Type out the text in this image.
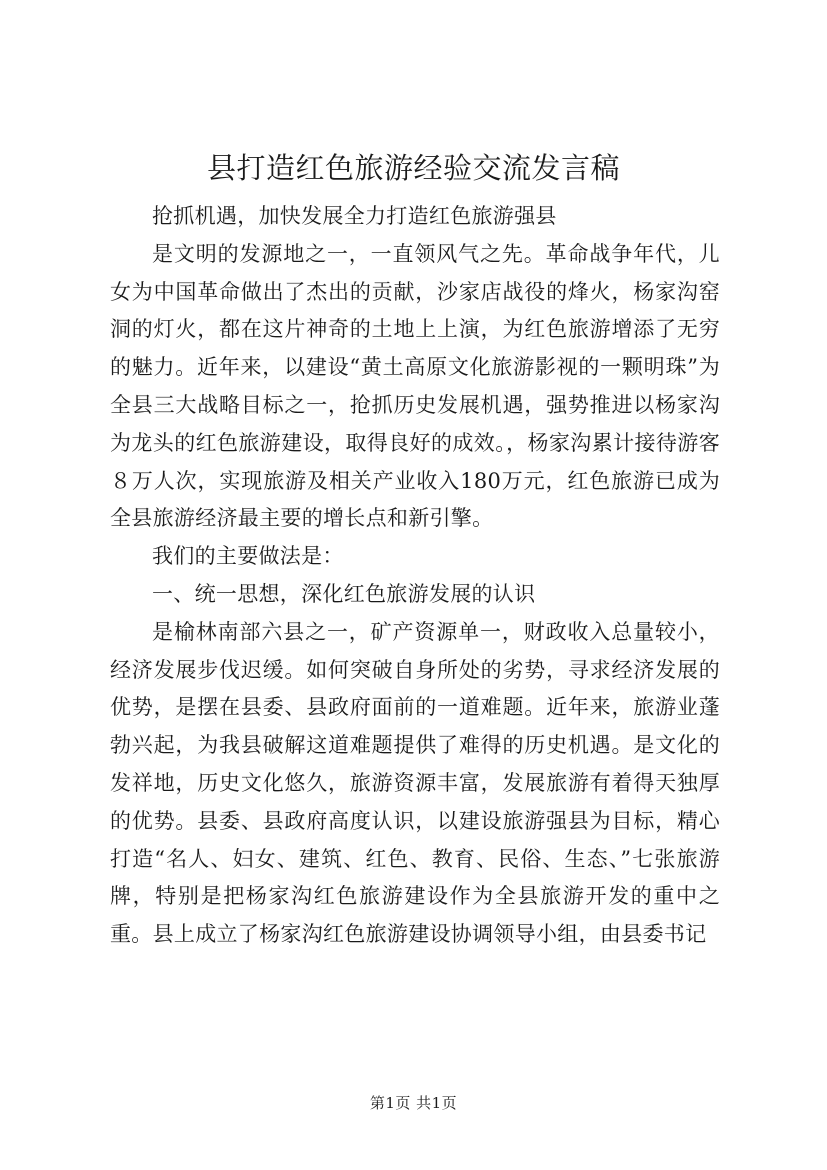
县打造红色旅游经验交流发言稿

抢抓机遇，加快发展全力打造红色旅游强县

是文明的发源地之一，一直领风气之先。革命战争年代，儿女为中国革命做出了杰出的贡献，沙家店战役的烽火，杨家沟窑洞的灯火，都在这片神奇的土地上上演，为红色旅游增添了无穷的魅力。近年来，以建设“黄土高原文化旅游影视的一颗明珠”为全县三大战略目标之一，抢抓历史发展机遇，强势推进以杨家沟为龙头的红色旅游建设，取得良好的成效。，杨家沟累计接待游客８万人次，实现旅游及相关产业收入180万元，红色旅游已成为全县旅游经济最主要的增长点和新引擎。

我们的主要做法是：

一、统一思想，深化红色旅游发展的认识

是榆林南部六县之一，矿产资源单一，财政收入总量较小，经济发展步伐迟缓。如何突破自身所处的劣势，寻求经济发展的优势，是摆在县委、县政府面前的一道难题。近年来，旅游业蓬勃兴起，为我县破解这道难题提供了难得的历史机遇。是文化的发祥地，历史文化悠久，旅游资源丰富，发展旅游有着得天独厚的优势。县委、县政府高度认识，以建设旅游强县为目标，精心打造“名人、妇女、建筑、红色、教育、民俗、生态、”七张旅游牌，特别是把杨家沟红色旅游建设作为全县旅游开发的重中之重。县上成立了杨家沟红色旅游建设协调领导小组，由县委书记

第1页 共1页
